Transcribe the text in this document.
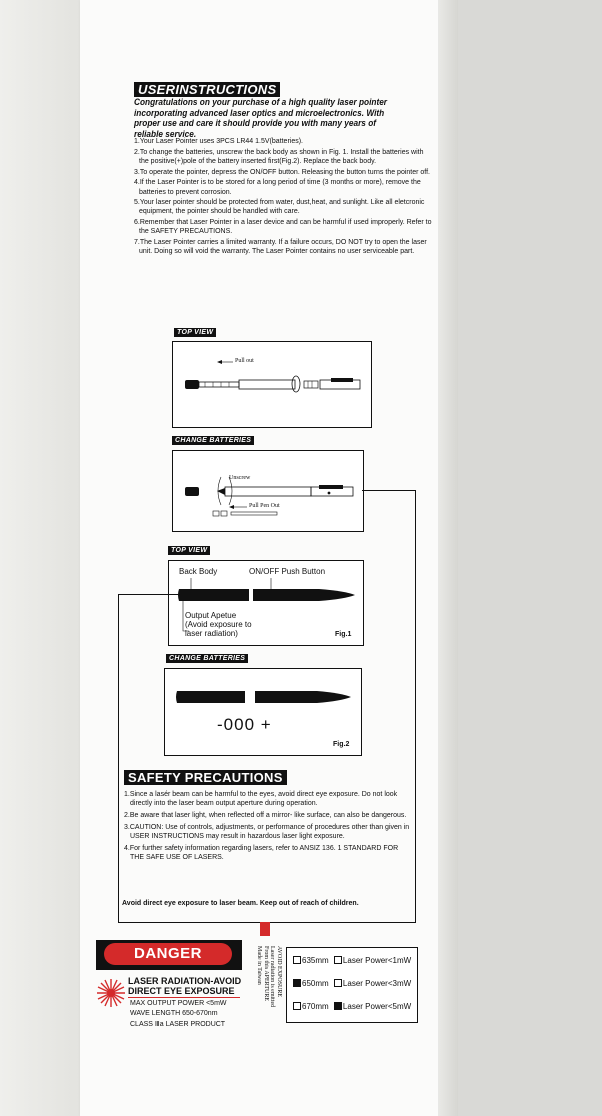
USERINSTRUCTIONS
Congratulations on your purchase of a high quality laser pointer incorporating advanced laser optics and microelectronics. With proper use and care it should provide you with many years of reliable service.
1.Your Laser Pointer uses 3PCS LR44 1.5V(batteries).
2.To change the batteries, unscrew the back body as shown in Fig. 1. Install the batteries with the positive(+)pole of the battery inserted first(Fig.2). Replace the back body.
3.To operate the pointer, depress the ON/OFF button. Releasing the button turns the pointer off.
4.If the Laser Pointer is to be stored for a long period of time (3 months or more), remove the batteries to prevent corrosion.
5.Your laser pointer should be protected from water, dust,heat, and sunlight. Like all eletcronic equipment, the pointer should be handled with care.
6.Remember that Laser Pointer in a laser device and can be harmful if used improperly. Refer to the SAFETY PRECAUTIONS.
7.The Laser Pointer carries a limited warranty. If a failure occurs, DO NOT try to open the laser unit. Doing so will void the warranty. The Laser Pointer contains no user serviceable part.
TOP VIEW
Pull out
CHANGE BATTERIES
Unscrew
Pull Pen Out
TOP VIEW
Back Body	ON/OFF Push Button
Output Apetue
(Avoid exposure to
laser radiation)	Fig.1
CHANGE BATTERIES
-000 +
Fig.2
SAFETY PRECAUTIONS
1.Since a lasér beam can be harmful to the eyes, avoid direct eye exposure. Do not look directly into the laser beam output aperture during operation.
2.Be aware that laser light, when reflected off a mirror- like surface, can also be dangerous.
3.CAUTION: Use of controls, adjustments, or performance of procedures other than given in USER INSTRUCTIONS may result in hazardous laser light exposure.
4.For further safety information regarding lasers, refer to ANSIZ 136. 1 STANDARD FOR THE SAFE USE OF LASERS.
Avoid direct eye exposure to laser beam. Keep out of reach of children.
DANGER
LASER RADIATION-AVOID
DIRECT EYE EXPOSURE
MAX OUTPUT POWER <5mW
WAVE LENGTH 650-670nm
CLASS Ⅲa LASER PRODUCT
AVOID EXPOSURE
Laser radiation is emitted
From this APERTURE
Made in Taiwan	635mm Laser Power<1mW
650mm Laser Power<3mW
670mm Laser Power<5mW
